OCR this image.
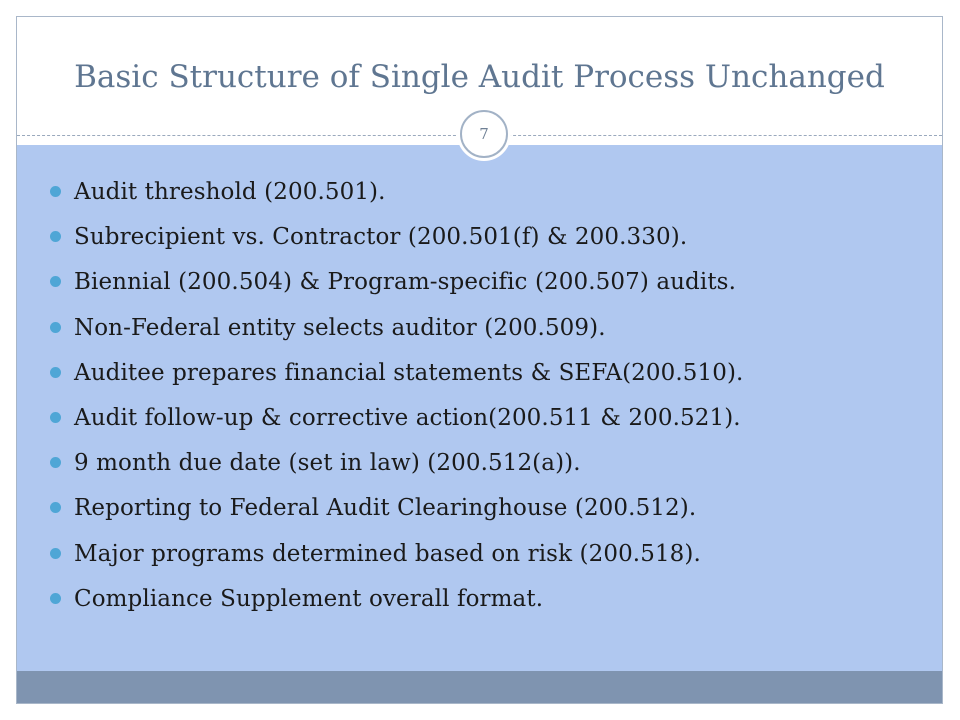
Basic Structure of Single Audit Process Unchanged
7
Audit threshold (200.501).
Subrecipient vs. Contractor (200.501(f) & 200.330).
Biennial (200.504) & Program-specific (200.507) audits.
Non-Federal entity selects auditor (200.509).
Auditee prepares financial statements & SEFA(200.510).
Audit follow-up & corrective action(200.511 & 200.521).
9 month due date (set in law) (200.512(a)).
Reporting to Federal Audit Clearinghouse (200.512).
Major programs determined based on risk (200.518).
Compliance Supplement overall format.
